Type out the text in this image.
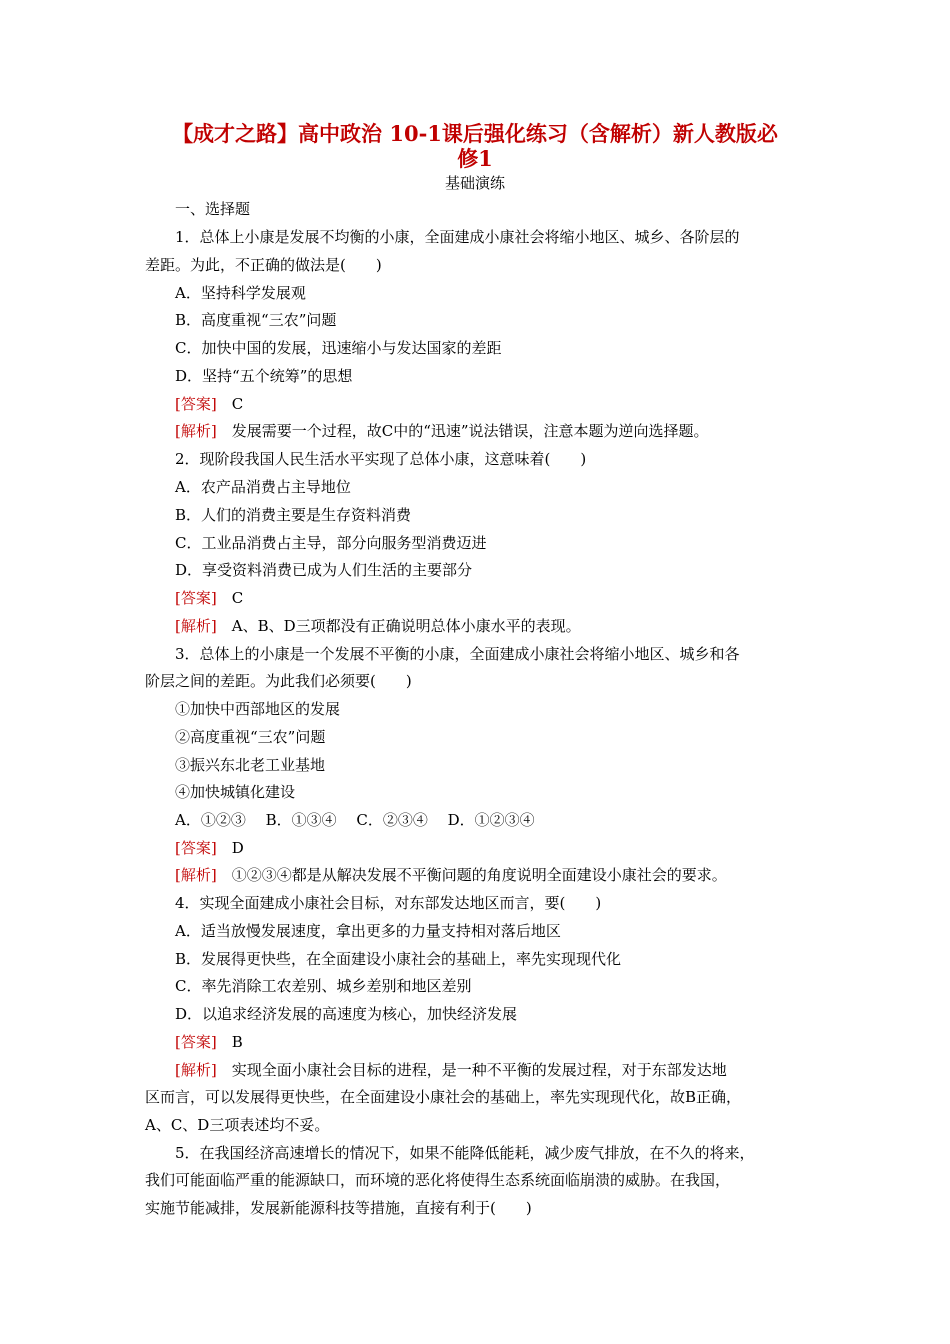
【成才之路】高中政治 10-1课后强化练习（含解析）新人教版必
修1
基础演练
一、选择题
1．总体上小康是发展不均衡的小康，全面建成小康社会将缩小地区、城乡、各阶层的
差距。为此，不正确的做法是(　　)
A．坚持科学发展观
B．高度重视“三农”问题
C．加快中国的发展，迅速缩小与发达国家的差距
D．坚持“五个统筹”的思想
[答案]　 C
[解析]　 发展需要一个过程，故C中的“迅速”说法错误，注意本题为逆向选择题。
2．现阶段我国人民生活水平实现了总体小康，这意味着(　　)
A．农产品消费占主导地位
B．人们的消费主要是生存资料消费
C．工业品消费占主导，部分向服务型消费迈进
D．享受资料消费已成为人们生活的主要部分
[答案]　 C
[解析]　 A、B、D三项都没有正确说明总体小康水平的表现。
3．总体上的小康是一个发展不平衡的小康，全面建成小康社会将缩小地区、城乡和各
阶层之间的差距。为此我们必须要(　　)
①加快中西部地区的发展
②高度重视“三农”问题
③振兴东北老工业基地
④加快城镇化建设
A．①②③　 B．①③④　 C．②③④　 D．①②③④
[答案]　 D
[解析]　 ①②③④都是从解决发展不平衡问题的角度说明全面建设小康社会的要求。
4．实现全面建成小康社会目标，对东部发达地区而言，要(　　)
A．适当放慢发展速度，拿出更多的力量支持相对落后地区
B．发展得更快些，在全面建设小康社会的基础上，率先实现现代化
C．率先消除工农差别、城乡差别和地区差别
D．以追求经济发展的高速度为核心，加快经济发展
[答案]　 B
[解析]　 实现全面小康社会目标的进程，是一种不平衡的发展过程，对于东部发达地
区而言，可以发展得更快些，在全面建设小康社会的基础上，率先实现现代化，故B正确，
A、C、D三项表述均不妥。
5．在我国经济高速增长的情况下，如果不能降低能耗，减少废气排放，在不久的将来，
我们可能面临严重的能源缺口，而环境的恶化将使得生态系统面临崩溃的威胁。在我国，
实施节能减排，发展新能源科技等措施，直接有利于(　　)
